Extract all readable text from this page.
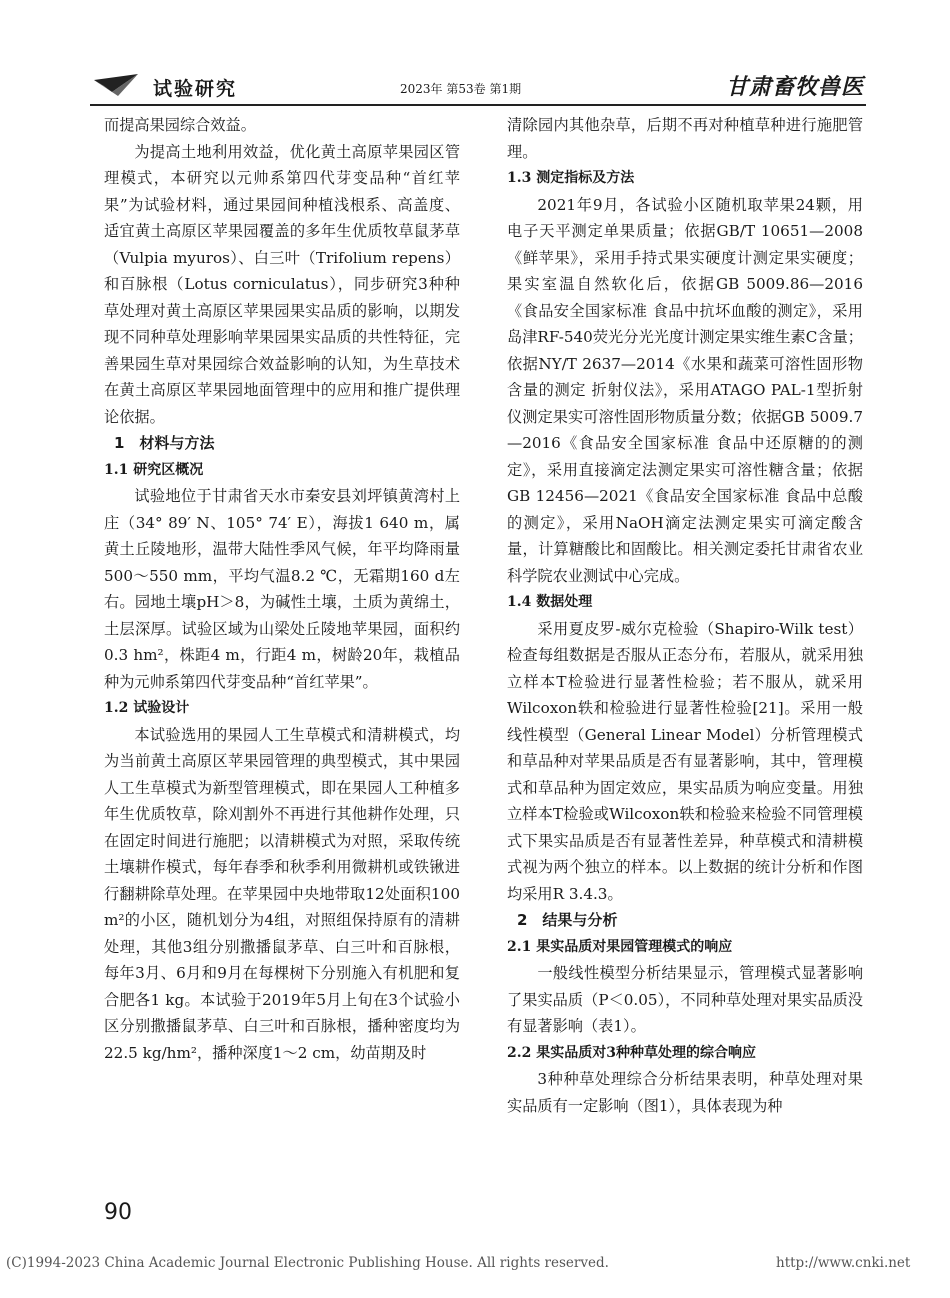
试验研究	2023年 第53卷 第1期	甘肃畜牧兽医

而提高果园综合效益。

为提高土地利用效益，优化黄土高原苹果园区管理模式，本研究以元帅系第四代芽变品种“首红苹果”为试验材料，通过果园间种植浅根系、高盖度、适宜黄土高原区苹果园覆盖的多年生优质牧草鼠茅草（Vulpia myuros）、白三叶（Trifolium repens）和百脉根（Lotus corniculatus），同步研究3种种草处理对黄土高原区苹果园果实品质的影响，以期发现不同种草处理影响苹果园果实品质的共性特征，完善果园生草对果园综合效益影响的认知，为生草技术在黄土高原区苹果园地面管理中的应用和推广提供理论依据。

1　材料与方法
1.1 研究区概况

试验地位于甘肃省天水市秦安县刘坪镇黄湾村上庄（34° 89′ N、105° 74′ E），海拔1 640 m，属黄土丘陵地形，温带大陆性季风气候，年平均降雨量500～550 mm，平均气温8.2 ℃，无霜期160 d左右。园地土壤pH＞8，为碱性土壤，土质为黄绵土，土层深厚。试验区域为山梁处丘陵地苹果园，面积约0.3 hm²，株距4 m，行距4 m，树龄20年，栽植品种为元帅系第四代芽变品种“首红苹果”。

1.2 试验设计

本试验选用的果园人工生草模式和清耕模式，均为当前黄土高原区苹果园管理的典型模式，其中果园人工生草模式为新型管理模式，即在果园人工种植多年生优质牧草，除刈割外不再进行其他耕作处理，只在固定时间进行施肥；以清耕模式为对照，采取传统土壤耕作模式，每年春季和秋季利用微耕机或铁锹进行翻耕除草处理。在苹果园中央地带取12处面积100 m²的小区，随机划分为4组，对照组保持原有的清耕处理，其他3组分别撒播鼠茅草、白三叶和百脉根，每年3月、6月和9月在每棵树下分别施入有机肥和复合肥各1 kg。本试验于2019年5月上旬在3个试验小区分别撒播鼠茅草、白三叶和百脉根，播种密度均为22.5 kg/hm²，播种深度1～2 cm，幼苗期及时

清除园内其他杂草，后期不再对种植草种进行施肥管理。

1.3 测定指标及方法

2021年9月，各试验小区随机取苹果24颗，用电子天平测定单果质量；依据GB/T 10651—2008《鲜苹果》，采用手持式果实硬度计测定果实硬度；果实室温自然软化后，依据GB 5009.86—2016《食品安全国家标准 食品中抗坏血酸的测定》，采用岛津RF-540荧光分光光度计测定果实维生素C含量；依据NY/T 2637—2014《水果和蔬菜可溶性固形物含量的测定 折射仪法》，采用ATAGO PAL-1型折射仪测定果实可溶性固形物质量分数；依据GB 5009.7—2016《食品安全国家标准 食品中还原糖的的测定》，采用直接滴定法测定果实可溶性糖含量；依据GB 12456—2021《食品安全国家标准 食品中总酸的测定》，采用NaOH滴定法测定果实可滴定酸含量，计算糖酸比和固酸比。相关测定委托甘肃省农业科学院农业测试中心完成。

1.4 数据处理

采用夏皮罗-威尔克检验（Shapiro-Wilk test）检查每组数据是否服从正态分布，若服从，就采用独立样本T检验进行显著性检验；若不服从，就采用Wilcoxon轶和检验进行显著性检验[21]。采用一般线性模型（General Linear Model）分析管理模式和草品种对苹果品质是否有显著影响，其中，管理模式和草品种为固定效应，果实品质为响应变量。用独立样本T检验或Wilcoxon轶和检验来检验不同管理模式下果实品质是否有显著性差异，种草模式和清耕模式视为两个独立的样本。以上数据的统计分析和作图均采用R 3.4.3。

2　结果与分析
2.1 果实品质对果园管理模式的响应

一般线性模型分析结果显示，管理模式显著影响了果实品质（P＜0.05），不同种草处理对果实品质没有显著影响（表1）。

2.2 果实品质对3种种草处理的综合响应

3种种草处理综合分析结果表明，种草处理对果实品质有一定影响（图1），具体表现为种

90
(C)1994-2023 China Academic Journal Electronic Publishing House. All rights reserved.	http://www.cnki.net
